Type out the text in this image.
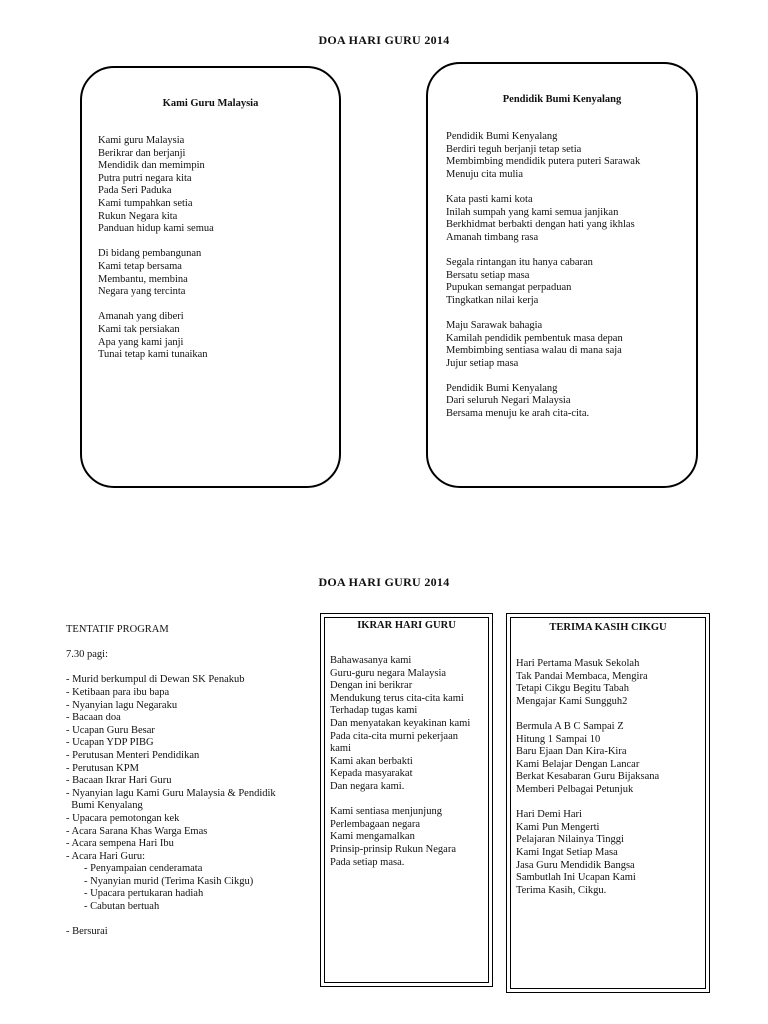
DOA HARI GURU 2014
Kami Guru Malaysia
Kami guru Malaysia
Berikrar dan berjanji
Mendidik dan memimpin
Putra putri negara kita
Pada Seri Paduka
Kami tumpahkan setia
Rukun Negara kita
Panduan hidup kami semua
Di bidang pembangunan
Kami tetap bersama
Membantu, membina
Negara yang tercinta
Amanah yang diberi
Kami tak persiakan
Apa yang kami janji
Tunai tetap kami tunaikan
Pendidik Bumi Kenyalang
Pendidik Bumi Kenyalang
Berdiri teguh berjanji tetap setia
Membimbing mendidik putera puteri Sarawak
Menuju cita mulia
Kata pasti kami kota
Inilah sumpah yang kami semua janjikan
Berkhidmat berbakti dengan hati yang ikhlas
Amanah timbang rasa
Segala rintangan itu hanya cabaran
Bersatu setiap masa
Pupukan semangat perpaduan
Tingkatkan nilai kerja
Maju Sarawak bahagia
Kamilah pendidik pembentuk masa depan
Membimbing sentiasa walau di mana saja
Jujur setiap masa
Pendidik Bumi Kenyalang
Dari seluruh Negari Malaysia
Bersama menuju ke arah cita-cita.
DOA HARI GURU 2014
TENTATIF PROGRAM
7.30 pagi:
- Murid berkumpul di Dewan SK Penakub
- Ketibaan para ibu bapa
- Nyanyian lagu Negaraku
- Bacaan doa
- Ucapan Guru Besar
- Ucapan YDP PIBG
- Perutusan Menteri Pendidikan
- Perutusan KPM
- Bacaan Ikrar Hari Guru
- Nyanyian lagu Kami Guru Malaysia & Pendidik
Bumi Kenyalang
- Upacara pemotongan kek
- Acara Sarana Khas Warga Emas
- Acara sempena Hari Ibu
- Acara Hari Guru:
- Penyampaian cenderamata
- Nyanyian murid (Terima Kasih Cikgu)
- Upacara pertukaran hadiah
- Cabutan bertuah
- Bersurai
IKRAR HARI GURU
Bahawasanya kami
Guru-guru negara Malaysia
Dengan ini berikrar
Mendukung terus cita-cita kami
Terhadap tugas kami
Dan menyatakan keyakinan kami
Pada cita-cita murni pekerjaan
kami
Kami akan berbakti
Kepada masyarakat
Dan negara kami.
Kami sentiasa menjunjung
Perlembagaan negara
Kami mengamalkan
Prinsip-prinsip Rukun Negara
Pada setiap masa.
TERIMA KASIH CIKGU
Hari Pertama Masuk Sekolah
Tak Pandai Membaca, Mengira
Tetapi Cikgu Begitu Tabah
Mengajar Kami Sungguh2
Bermula A B C Sampai Z
Hitung 1 Sampai 10
Baru Ejaan Dan Kira-Kira
Kami Belajar Dengan Lancar
Berkat Kesabaran Guru Bijaksana
Memberi Pelbagai Petunjuk
Hari Demi Hari
Kami Pun Mengerti
Pelajaran Nilainya Tinggi
Kami Ingat Setiap Masa
Jasa Guru Mendidik Bangsa
Sambutlah Ini Ucapan Kami
Terima Kasih, Cikgu.
